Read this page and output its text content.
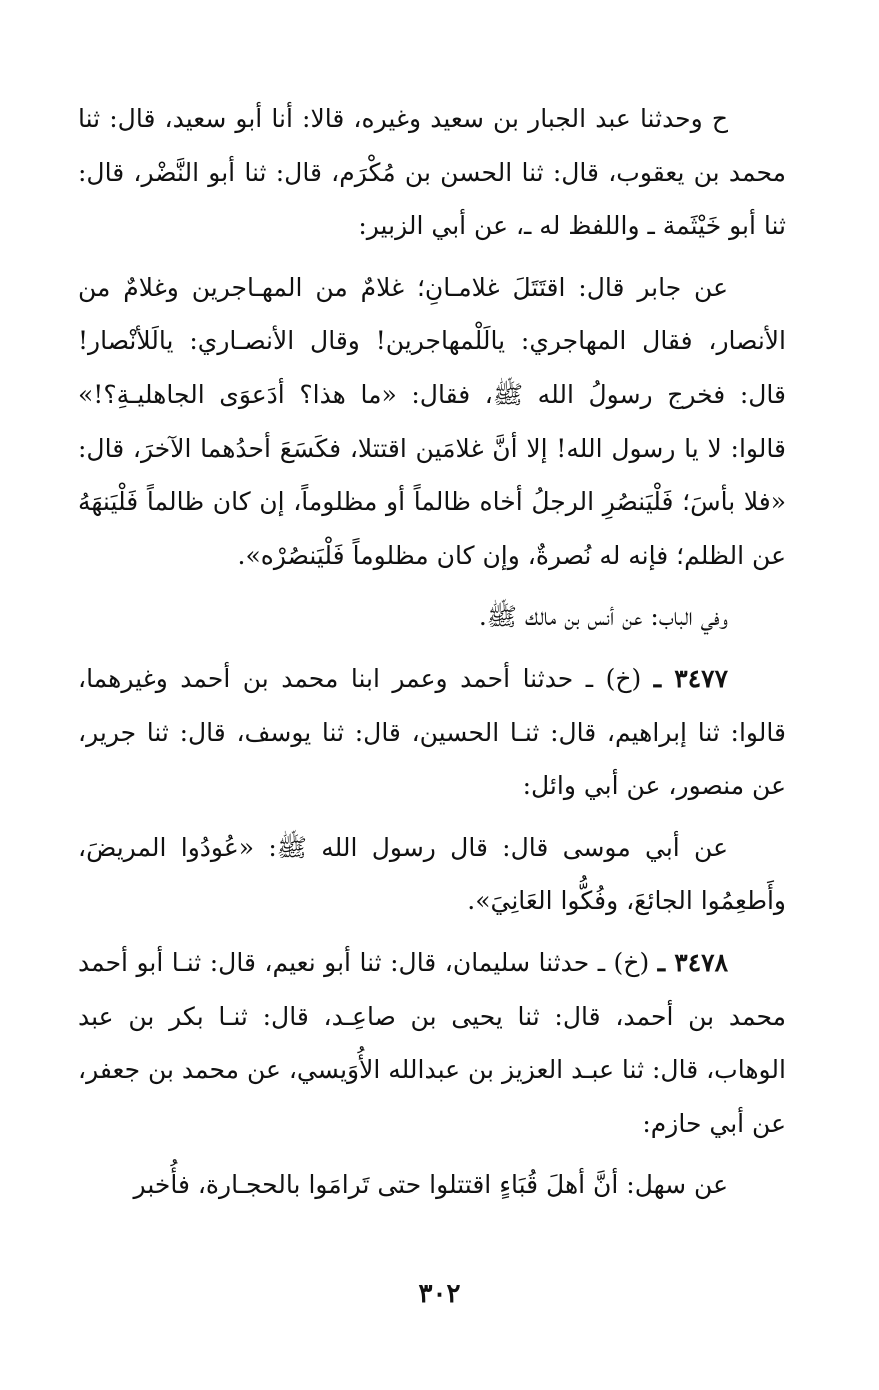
ح وحدثنا عبد الجبار بن سعيد وغيره، قالا: أنا أبو سعيد، قال: ثنا محمد بن يعقوب، قال: ثنا الحسن بن مُكْرَم، قال: ثنا أبو النَّضْر، قال: ثنا أبو خَيْثَمة ـ واللفظ له ـ، عن أبي الزبير:

عن جابر قال: اقتَتَلَ غلامـانِ؛ غلامٌ من المهـاجرين وغلامٌ من الأنصار، فقال المهاجري: يالَلْمهاجرين! وقال الأنصـاري: يالَلأنْصار! قال: فخرج رسولُ الله ﷺ، فقال: «ما هذا؟ أدَعوَى الجاهليـةِ؟!» قالوا: لا يا رسول الله! إلا أنَّ غلامَين اقتتلا، فكَسَعَ أحدُهما الآخرَ، قال: «فلا بأسَ؛ فَلْيَنصُرِ الرجلُ أخاه ظالماً أو مظلوماً، إن كان ظالماً فَلْيَنهَهُ عن الظلم؛ فإنه له نُصرةٌ، وإن كان مظلوماً فَلْيَنصُرْه».

وفي الباب: عن أنس بن مالك ﷺ.

٣٤٧٧ ـ (خ) ـ حدثنا أحمد وعمر ابنا محمد بن أحمد وغيرهما، قالوا: ثنا إبراهيم، قال: ثنـا الحسين، قال: ثنا يوسف، قال: ثنا جرير، عن منصور، عن أبي وائل:

عن أبي موسى قال: قال رسول الله ﷺ: «عُودُوا المريضَ، وأَطعِمُوا الجائعَ، وفُكُّوا العَانِيَ».

٣٤٧٨ ـ (خ) ـ حدثنا سليمان، قال: ثنا أبو نعيم، قال: ثنـا أبو أحمد محمد بن أحمد، قال: ثنا يحيى بن صاعِـد، قال: ثنـا بكر بن عبد الوهاب، قال: ثنا عبـد العزيز بن عبدالله الأُوَيسي، عن محمد بن جعفر، عن أبي حازم:

عن سهل: أنَّ أهلَ قُبَاءٍ اقتتلوا حتى تَرامَوا بالحجـارة، فأُخبر

٣٠٢
